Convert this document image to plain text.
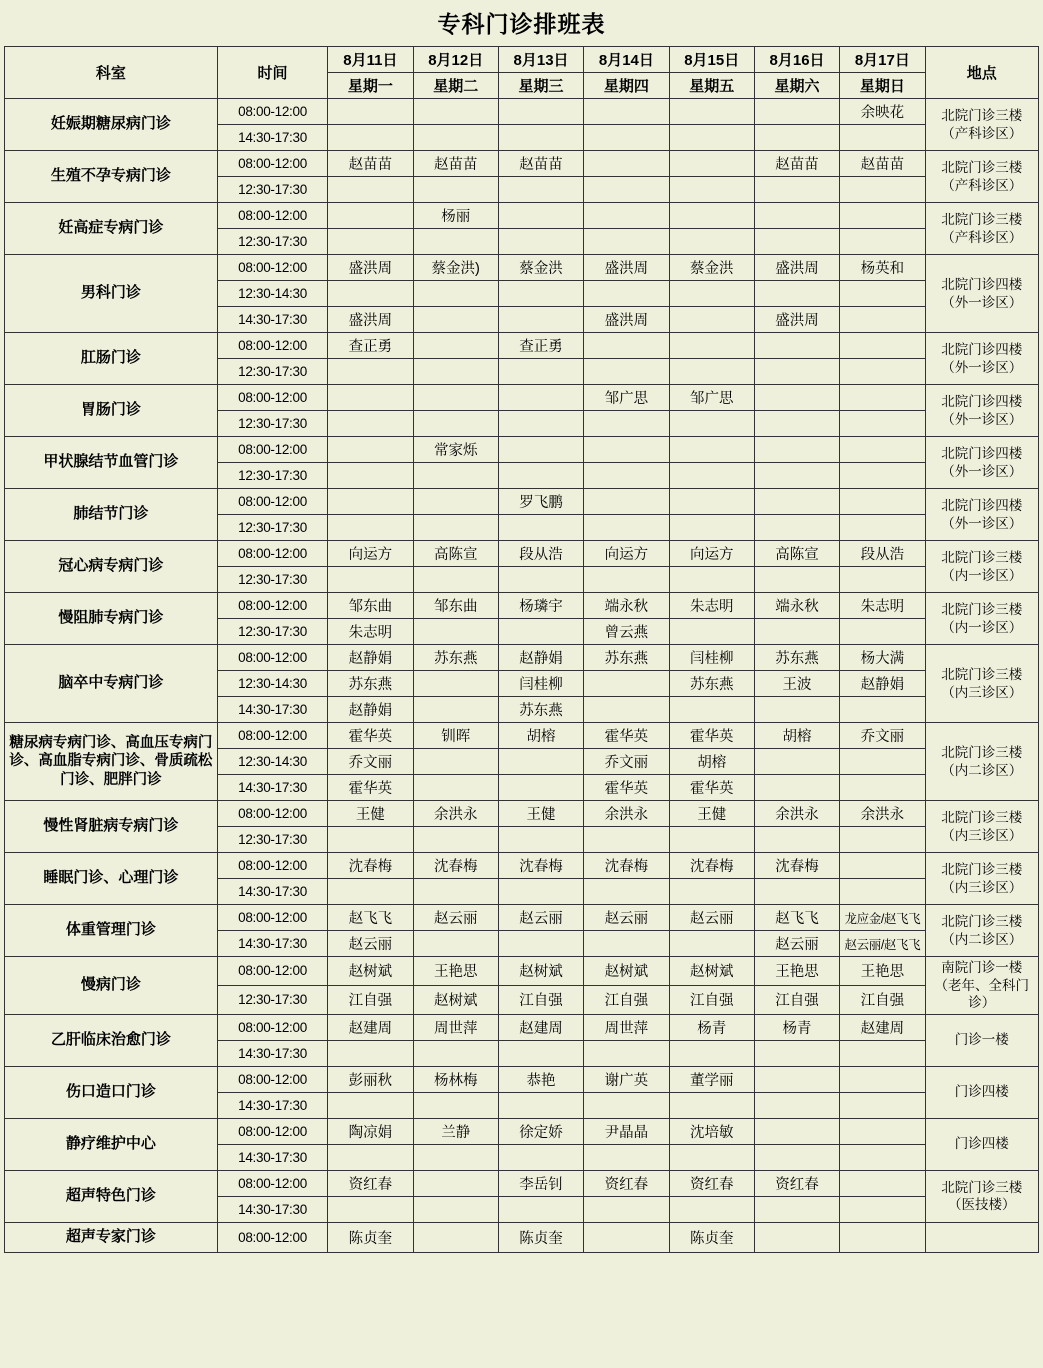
专科门诊排班表
科室	时间	8月11日	8月12日	8月13日	8月14日	8月15日	8月16日	8月17日	地点
		星期一	星期二	星期三	星期四	星期五	星期六	星期日	
妊娠期糖尿病门诊	08:00-12:00							余映花	北院门诊三楼
（产科诊区）
	14:30-17:30								
生殖不孕专病门诊	08:00-12:00	赵苗苗	赵苗苗	赵苗苗			赵苗苗	赵苗苗	北院门诊三楼
（产科诊区）
	12:30-17:30								
妊高症专病门诊	08:00-12:00		杨丽						北院门诊三楼
（产科诊区）
	12:30-17:30								
男科门诊	08:00-12:00	盛洪周	蔡金洪)	蔡金洪	盛洪周	蔡金洪	盛洪周	杨英和	北院门诊四楼
（外一诊区）
	12:30-14:30								
	14:30-17:30	盛洪周			盛洪周		盛洪周		
肛肠门诊	08:00-12:00	查正勇		查正勇					北院门诊四楼
（外一诊区）
	12:30-17:30								
胃肠门诊	08:00-12:00				邹广思	邹广思			北院门诊四楼
（外一诊区）
	12:30-17:30								
甲状腺结节血管门诊	08:00-12:00		常家烁						北院门诊四楼
（外一诊区）
	12:30-17:30								
肺结节门诊	08:00-12:00			罗飞鹏					北院门诊四楼
（外一诊区）
	12:30-17:30								
冠心病专病门诊	08:00-12:00	向运方	高陈宣	段从浩	向运方	向运方	高陈宣	段从浩	北院门诊三楼
（内一诊区）
	12:30-17:30								
慢阻肺专病门诊	08:00-12:00	邹东曲	邹东曲	杨璘宇	端永秋	朱志明	端永秋	朱志明	北院门诊三楼
（内一诊区）
	12:30-17:30	朱志明			曾云燕				
脑卒中专病门诊	08:00-12:00	赵静娟	苏东燕	赵静娟	苏东燕	闫桂柳	苏东燕	杨大满	北院门诊三楼
（内三诊区）
	12:30-14:30	苏东燕		闫桂柳		苏东燕	王波	赵静娟	
	14:30-17:30	赵静娟		苏东燕					
糖尿病专病门诊、高血压专病门诊、高血脂专病门诊、骨质疏松门诊、肥胖门诊	08:00-12:00	霍华英	钏晖	胡榕	霍华英	霍华英	胡榕	乔文丽	北院门诊三楼
（内二诊区）
	12:30-14:30	乔文丽			乔文丽	胡榕			
	14:30-17:30	霍华英			霍华英	霍华英			
慢性肾脏病专病门诊	08:00-12:00	王健	余洪永	王健	余洪永	王健	余洪永	余洪永	北院门诊三楼
（内三诊区）
	12:30-17:30								
睡眠门诊、心理门诊	08:00-12:00	沈春梅	沈春梅	沈春梅	沈春梅	沈春梅	沈春梅		北院门诊三楼
（内三诊区）
	14:30-17:30								
体重管理门诊	08:00-12:00	赵飞飞	赵云丽	赵云丽	赵云丽	赵云丽	赵飞飞	龙应金/赵飞飞	北院门诊三楼
（内二诊区）
	14:30-17:30	赵云丽					赵云丽	赵云丽/赵飞飞	
慢病门诊	08:00-12:00	赵树斌	王艳思	赵树斌	赵树斌	赵树斌	王艳思	王艳思	南院门诊一楼
（老年、全科门诊）
	12:30-17:30	江自强	赵树斌	江自强	江自强	江自强	江自强	江自强	
乙肝临床治愈门诊	08:00-12:00	赵建周	周世萍	赵建周	周世萍	杨青	杨青	赵建周	门诊一楼
	14:30-17:30								
伤口造口门诊	08:00-12:00	彭丽秋	杨林梅	恭艳	谢广英	董学丽			门诊四楼
	14:30-17:30								
静疗维护中心	08:00-12:00	陶凉娟	兰静	徐定娇	尹晶晶	沈培敏			门诊四楼
	14:30-17:30								
超声特色门诊	08:00-12:00	资红春		李岳钊	资红春	资红春	资红春		北院门诊三楼
（医技楼）
	14:30-17:30								
超声专家门诊	08:00-12:00	陈贞奎		陈贞奎		陈贞奎			
